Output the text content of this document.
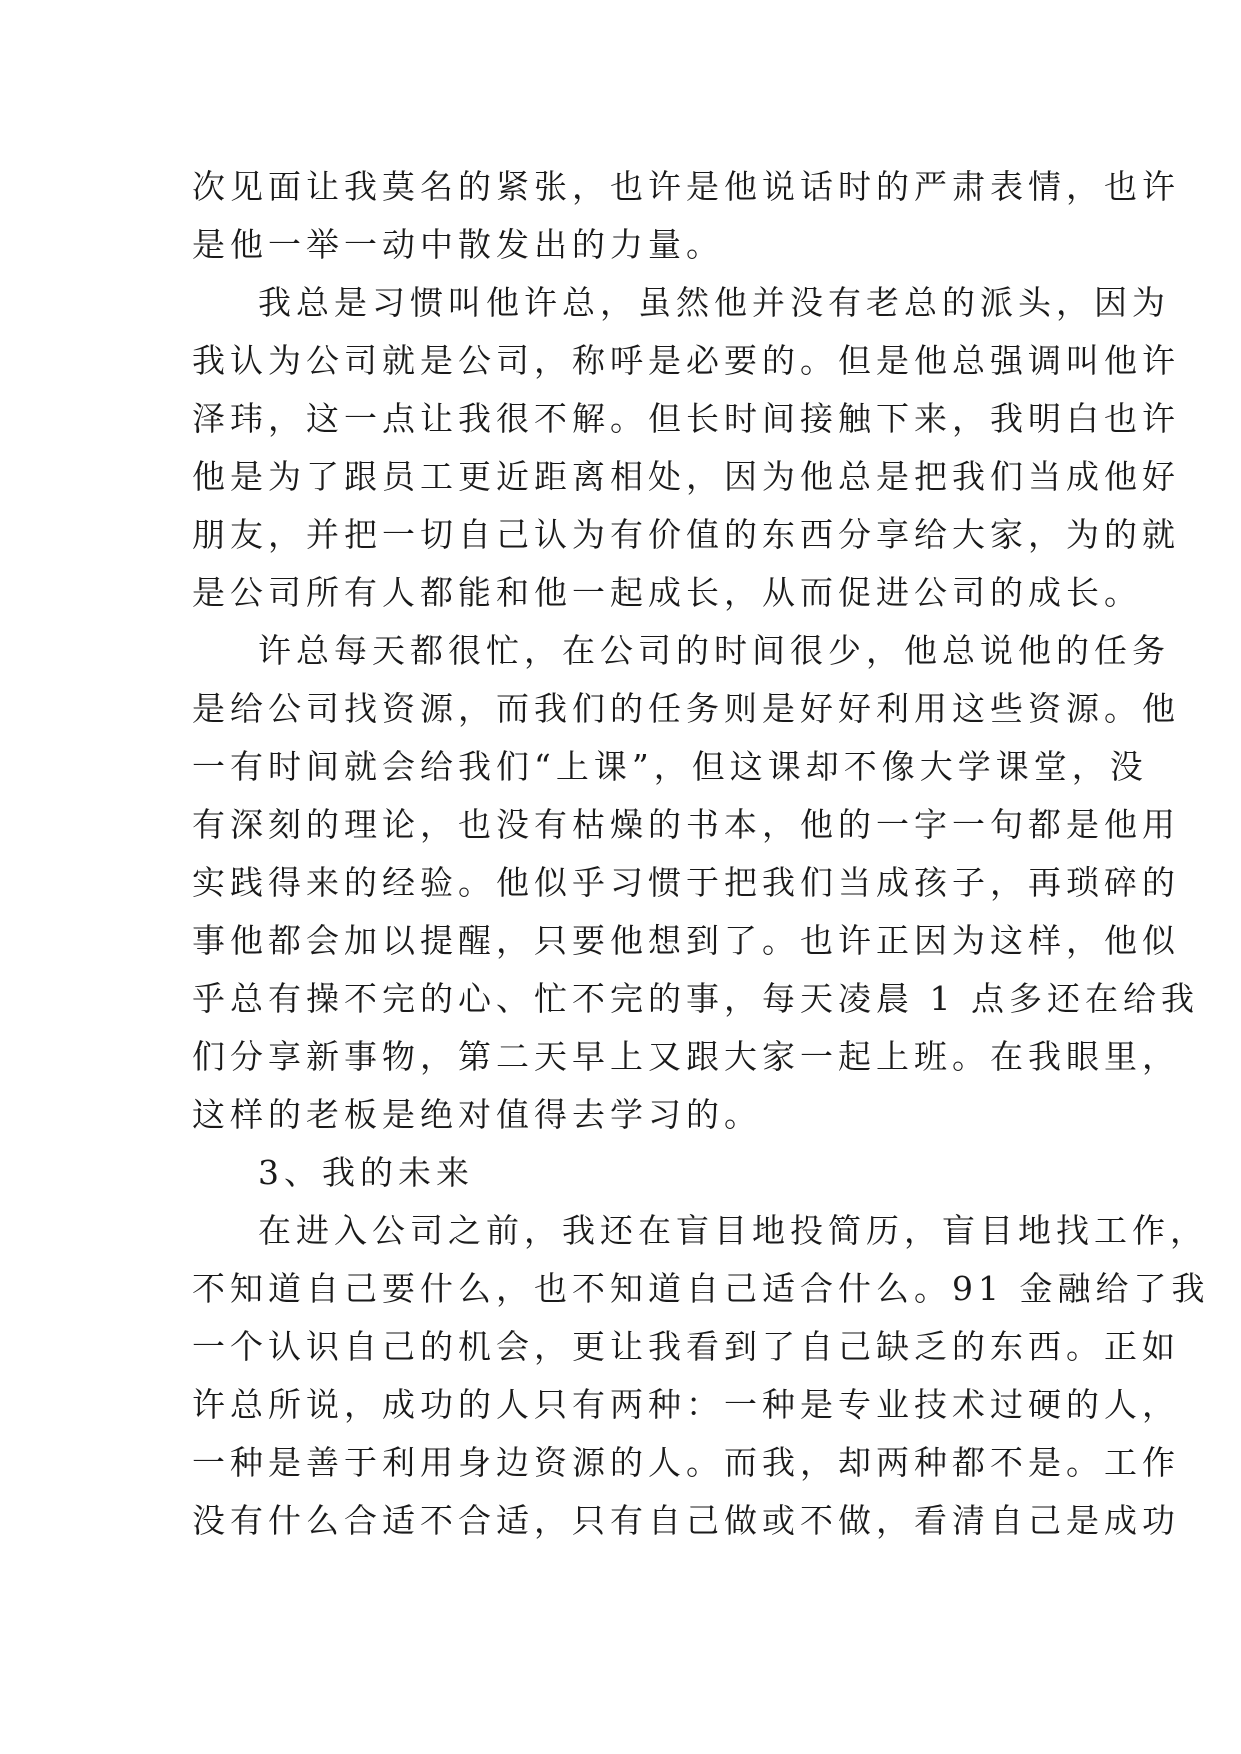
次见面让我莫名的紧张，也许是他说话时的严肃表情，也许
是他一举一动中散发出的力量。
我总是习惯叫他许总，虽然他并没有老总的派头，因为
我认为公司就是公司，称呼是必要的。但是他总强调叫他许
泽玮，这一点让我很不解。但长时间接触下来，我明白也许
他是为了跟员工更近距离相处，因为他总是把我们当成他好
朋友，并把一切自己认为有价值的东西分享给大家，为的就
是公司所有人都能和他一起成长，从而促进公司的成长。
许总每天都很忙，在公司的时间很少，他总说他的任务
是给公司找资源，而我们的任务则是好好利用这些资源。他
一有时间就会给我们“上课”，但这课却不像大学课堂，没
有深刻的理论，也没有枯燥的书本，他的一字一句都是他用
实践得来的经验。他似乎习惯于把我们当成孩子，再琐碎的
事他都会加以提醒，只要他想到了。也许正因为这样，他似
乎总有操不完的心、忙不完的事，每天凌晨 1 点多还在给我
们分享新事物，第二天早上又跟大家一起上班。在我眼里，
这样的老板是绝对值得去学习的。
3、我的未来
在进入公司之前，我还在盲目地投简历，盲目地找工作，
不知道自己要什么，也不知道自己适合什么。91 金融给了我
一个认识自己的机会，更让我看到了自己缺乏的东西。正如
许总所说，成功的人只有两种：一种是专业技术过硬的人，
一种是善于利用身边资源的人。而我，却两种都不是。工作
没有什么合适不合适，只有自己做或不做，看清自己是成功
